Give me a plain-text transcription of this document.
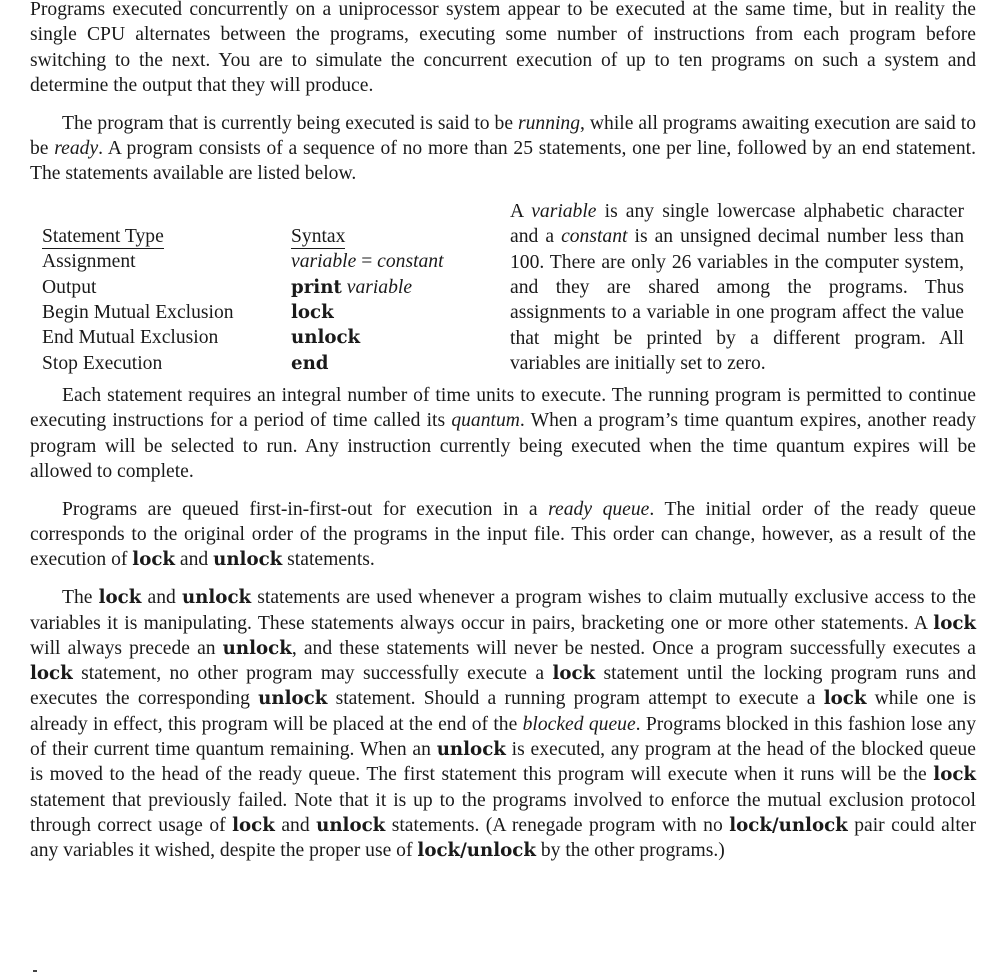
Programs executed concurrently on a uniprocessor system appear to be executed at the same time, but in reality the single CPU alternates between the programs, executing some number of instructions from each program before switching to the next. You are to simulate the concurrent execution of up to ten programs on such a system and determine the output that they will produce.

The program that is currently being executed is said to be running, while all programs awaiting execution are said to be ready. A program consists of a sequence of no more than 25 statements, one per line, followed by an end statement. The statements available are listed below.

Statement Type	Syntax
Assignment	variable = constant
Output	print variable
Begin Mutual Exclusion	lock
End Mutual Exclusion	unlock
Stop Execution	end
A variable is any single lowercase alphabetic character and a constant is an unsigned decimal number less than 100. There are only 26 variables in the computer system, and they are shared among the programs. Thus assignments to a variable in one program affect the value that might be printed by a different program. All variables are initially set to zero.

Each statement requires an integral number of time units to execute. The running program is permitted to continue executing instructions for a period of time called its quantum. When a program’s time quantum expires, another ready program will be selected to run. Any instruction currently being executed when the time quantum expires will be allowed to complete.

Programs are queued first-in-first-out for execution in a ready queue. The initial order of the ready queue corresponds to the original order of the programs in the input file. This order can change, however, as a result of the execution of lock and unlock statements.

The lock and unlock statements are used whenever a program wishes to claim mutually exclusive access to the variables it is manipulating. These statements always occur in pairs, bracketing one or more other statements. A lock will always precede an unlock, and these statements will never be nested. Once a program successfully executes a lock statement, no other program may successfully execute a lock statement until the locking program runs and executes the corresponding unlock statement. Should a running program attempt to execute a lock while one is already in effect, this program will be placed at the end of the blocked queue. Programs blocked in this fashion lose any of their current time quantum remaining. When an unlock is executed, any program at the head of the blocked queue is moved to the head of the ready queue. The first statement this program will execute when it runs will be the lock statement that previously failed. Note that it is up to the programs involved to enforce the mutual exclusion protocol through correct usage of lock and unlock statements. (A renegade program with no lock/unlock pair could alter any variables it wished, despite the proper use of lock/unlock by the other programs.)
